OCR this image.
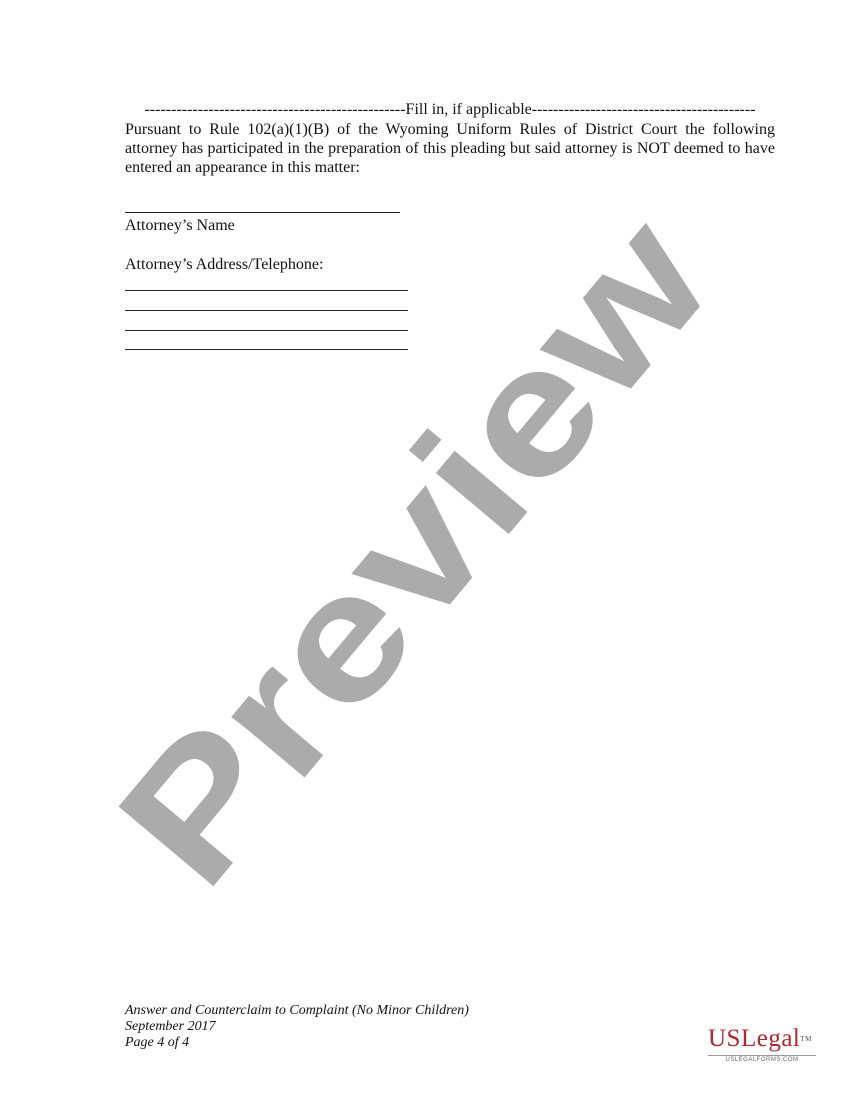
-------------------------------------------------Fill in, if applicable------------------------------------------
Pursuant to Rule 102(a)(1)(B) of the Wyoming Uniform Rules of District Court the following attorney has participated in the preparation of this pleading but said attorney is NOT deemed to have entered an appearance in this matter:
Attorney’s Name
Attorney’s Address/Telephone:
Answer and Counterclaim to Complaint (No Minor Children)
September 2017
Page 4 of 4
Preview
USLegal™
USLEGALFORMS.COM
